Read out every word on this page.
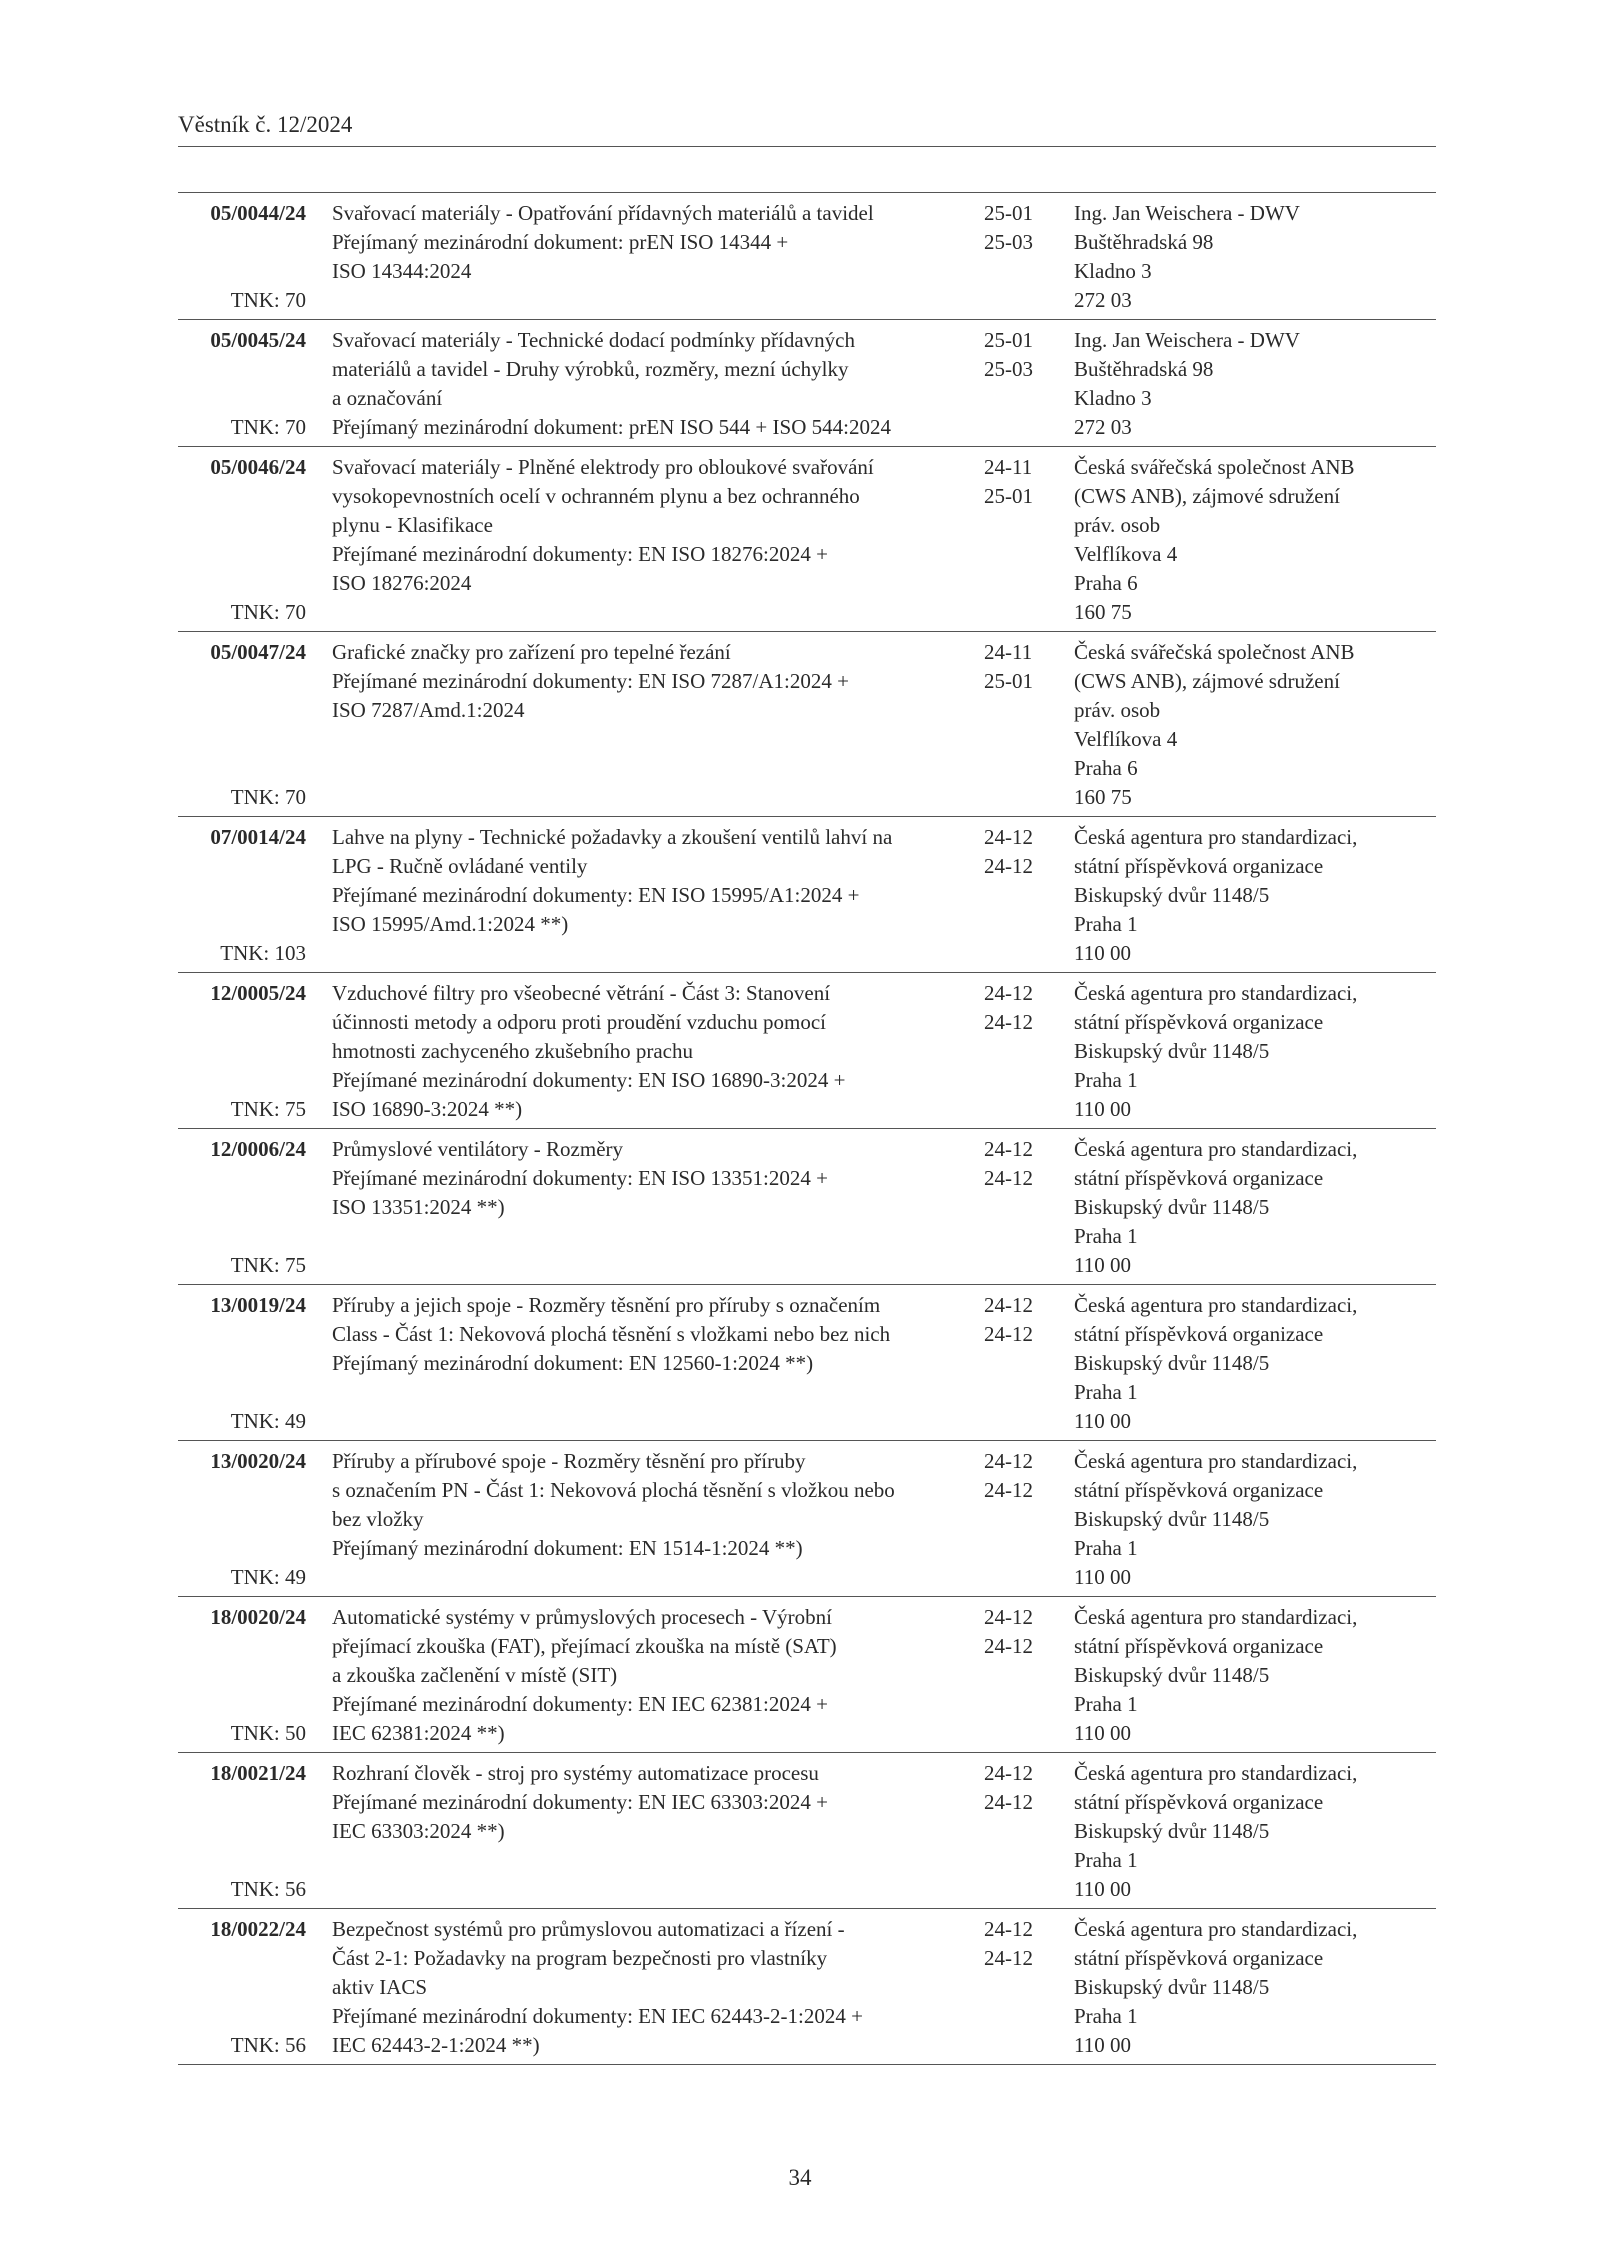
Věstník č. 12/2024
05/0044/24
TNK: 70
Svařovací materiály - Opatřování přídavných materiálů a tavidel
Přejímaný mezinárodní dokument: prEN ISO 14344 +
ISO 14344:2024
25-01
25-03
Ing. Jan Weischera - DWV
Buštěhradská 98
Kladno 3
272 03
05/0045/24
TNK: 70
Svařovací materiály - Technické dodací podmínky přídavných
materiálů a tavidel - Druhy výrobků, rozměry, mezní úchylky
a označování
Přejímaný mezinárodní dokument: prEN ISO 544 + ISO 544:2024
25-01
25-03
Ing. Jan Weischera - DWV
Buštěhradská 98
Kladno 3
272 03
05/0046/24
TNK: 70
Svařovací materiály - Plněné elektrody pro obloukové svařování
vysokopevnostních ocelí v ochranném plynu a bez ochranného
plynu - Klasifikace
Přejímané mezinárodní dokumenty: EN ISO 18276:2024 +
ISO 18276:2024
24-11
25-01
Česká svářečská společnost ANB
(CWS ANB), zájmové sdružení
práv. osob
Velflíkova 4
Praha 6
160 75
05/0047/24
TNK: 70
Grafické značky pro zařízení pro tepelné řezání
Přejímané mezinárodní dokumenty: EN ISO 7287/A1:2024 +
ISO 7287/Amd.1:2024
24-11
25-01
Česká svářečská společnost ANB
(CWS ANB), zájmové sdružení
práv. osob
Velflíkova 4
Praha 6
160 75
07/0014/24
TNK: 103
Lahve na plyny - Technické požadavky a zkoušení ventilů lahví na
LPG - Ručně ovládané ventily
Přejímané mezinárodní dokumenty: EN ISO 15995/A1:2024 +
ISO 15995/Amd.1:2024 **)
24-12
24-12
Česká agentura pro standardizaci,
státní příspěvková organizace
Biskupský dvůr 1148/5
Praha 1
110 00
12/0005/24
TNK: 75
Vzduchové filtry pro všeobecné větrání - Část 3: Stanovení
účinnosti metody a odporu proti proudění vzduchu pomocí
hmotnosti zachyceného zkušebního prachu
Přejímané mezinárodní dokumenty: EN ISO 16890-3:2024 +
ISO 16890-3:2024 **)
24-12
24-12
Česká agentura pro standardizaci,
státní příspěvková organizace
Biskupský dvůr 1148/5
Praha 1
110 00
12/0006/24
TNK: 75
Průmyslové ventilátory - Rozměry
Přejímané mezinárodní dokumenty: EN ISO 13351:2024 +
ISO 13351:2024 **)
24-12
24-12
Česká agentura pro standardizaci,
státní příspěvková organizace
Biskupský dvůr 1148/5
Praha 1
110 00
13/0019/24
TNK: 49
Příruby a jejich spoje - Rozměry těsnění pro příruby s označením
Class - Část 1: Nekovová plochá těsnění s vložkami nebo bez nich
Přejímaný mezinárodní dokument: EN 12560-1:2024 **)
24-12
24-12
Česká agentura pro standardizaci,
státní příspěvková organizace
Biskupský dvůr 1148/5
Praha 1
110 00
13/0020/24
TNK: 49
Příruby a přírubové spoje - Rozměry těsnění pro příruby
s označením PN - Část 1: Nekovová plochá těsnění s vložkou nebo
bez vložky
Přejímaný mezinárodní dokument: EN 1514-1:2024 **)
24-12
24-12
Česká agentura pro standardizaci,
státní příspěvková organizace
Biskupský dvůr 1148/5
Praha 1
110 00
18/0020/24
TNK: 50
Automatické systémy v průmyslových procesech - Výrobní
přejímací zkouška (FAT), přejímací zkouška na místě (SAT)
a zkouška začlenění v místě (SIT)
Přejímané mezinárodní dokumenty: EN IEC 62381:2024 +
IEC 62381:2024 **)
24-12
24-12
Česká agentura pro standardizaci,
státní příspěvková organizace
Biskupský dvůr 1148/5
Praha 1
110 00
18/0021/24
TNK: 56
Rozhraní člověk - stroj pro systémy automatizace procesu
Přejímané mezinárodní dokumenty: EN IEC 63303:2024 +
IEC 63303:2024 **)
24-12
24-12
Česká agentura pro standardizaci,
státní příspěvková organizace
Biskupský dvůr 1148/5
Praha 1
110 00
18/0022/24
TNK: 56
Bezpečnost systémů pro průmyslovou automatizaci a řízení -
Část 2-1: Požadavky na program bezpečnosti pro vlastníky
aktiv IACS
Přejímané mezinárodní dokumenty: EN IEC 62443-2-1:2024 +
IEC 62443-2-1:2024 **)
24-12
24-12
Česká agentura pro standardizaci,
státní příspěvková organizace
Biskupský dvůr 1148/5
Praha 1
110 00
34
